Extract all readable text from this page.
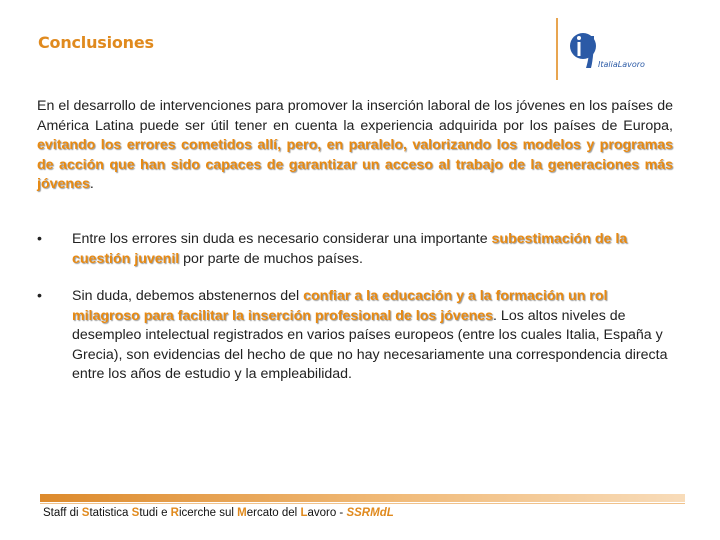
Conclusiones
ItaliaLavoro
En el desarrollo de intervenciones para promover la inserción laboral de los jóvenes en los países de América Latina puede ser útil tener en cuenta la experiencia adquirida por los países de Europa, evitando los errores cometidos allí, pero, en paralelo, valorizando los modelos y programas de acción que han sido capaces de garantizar un acceso al trabajo de la generaciones más jóvenes.
• Entre los errores sin duda es necesario considerar una importante subestimación de la cuestión juvenil por parte de muchos países.
• Sin duda, debemos abstenernos del confiar a la educación y a la formación un rol milagroso para facilitar la inserción profesional de los jóvenes. Los altos niveles de desempleo intelectual registrados en varios países europeos (entre los cuales Italia, España y Grecia), son evidencias del hecho de que no hay necesariamente una correspondencia directa entre los años de estudio y la empleabilidad.
Staff di Statistica Studi e Ricerche sul Mercato del Lavoro - SSRMdL
